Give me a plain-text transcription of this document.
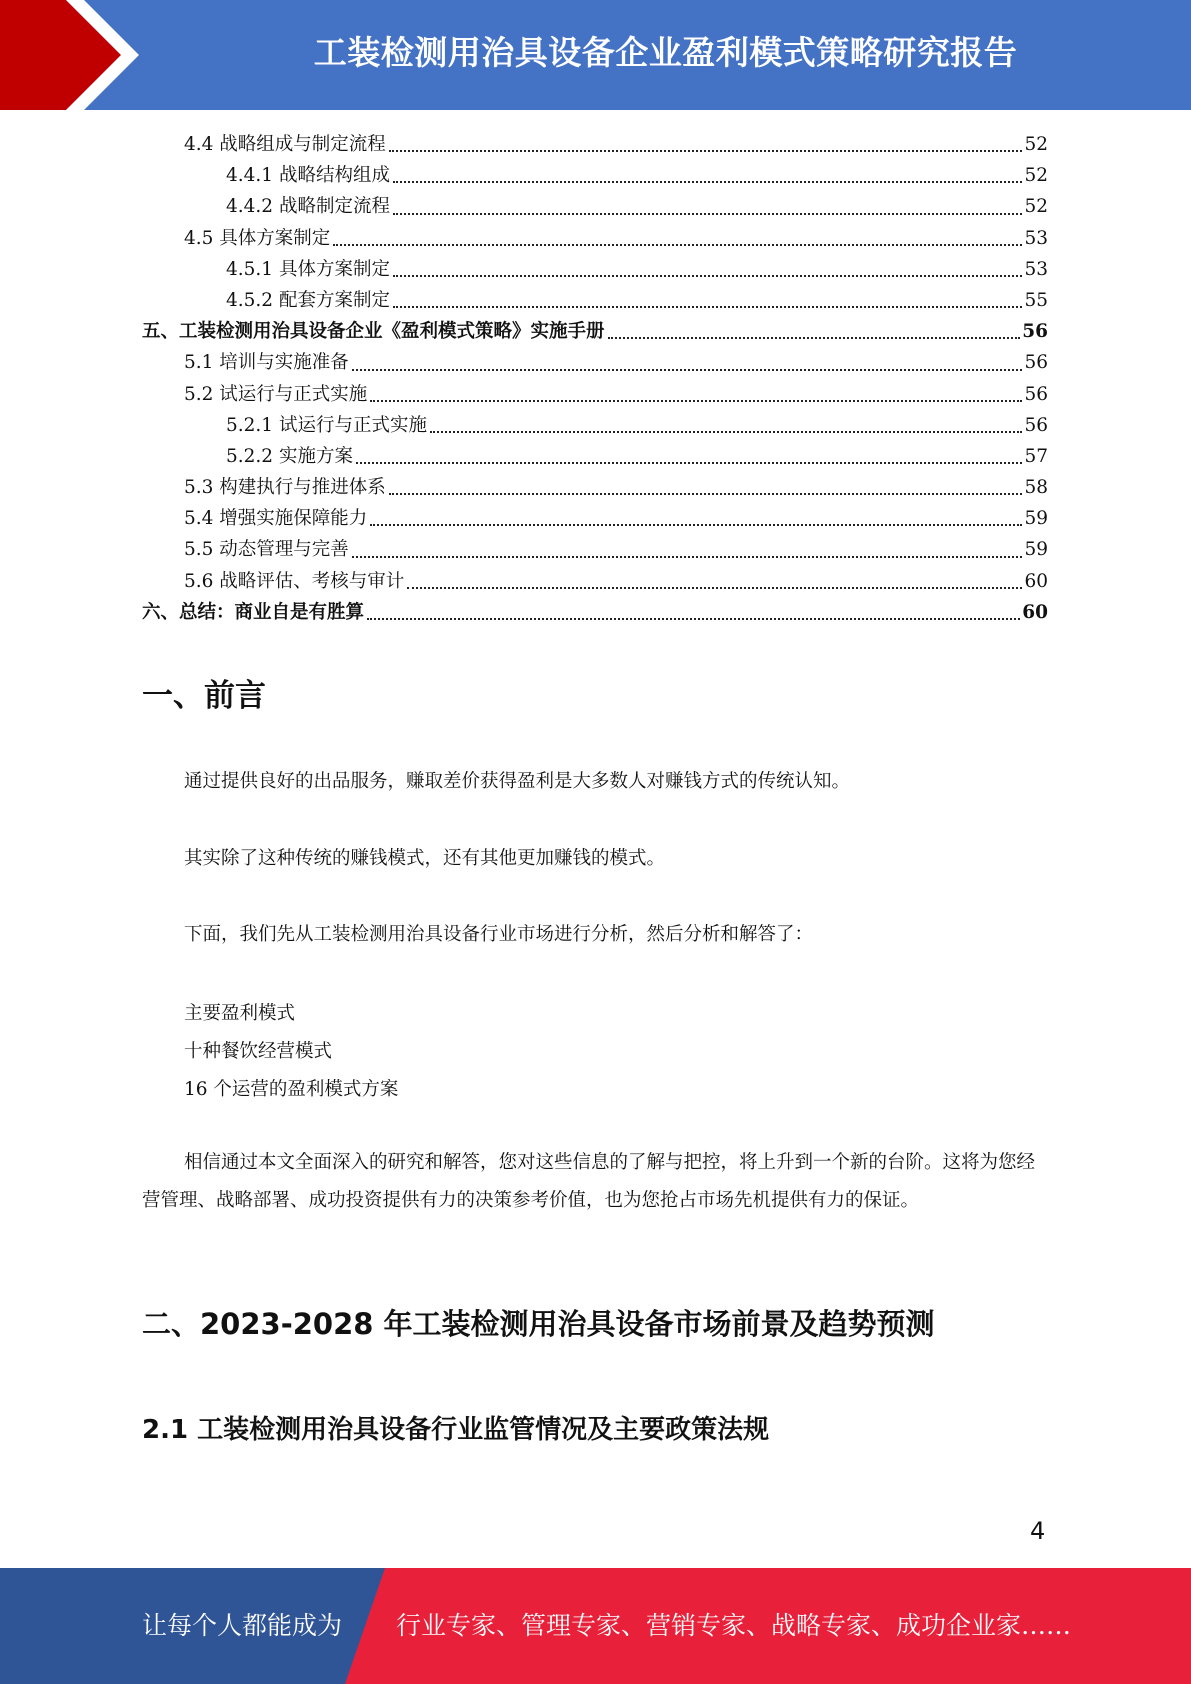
工装检测用治具设备企业盈利模式策略研究报告
4.4 战略组成与制定流程	52
4.4.1 战略结构组成	52
4.4.2 战略制定流程	52
4.5 具体方案制定	53
4.5.1 具体方案制定	53
4.5.2 配套方案制定	55
五、工装检测用治具设备企业《盈利模式策略》实施手册	56
5.1 培训与实施准备	56
5.2 试运行与正式实施	56
5.2.1 试运行与正式实施	56
5.2.2 实施方案	57
5.3 构建执行与推进体系	58
5.4 增强实施保障能力	59
5.5 动态管理与完善	59
5.6 战略评估、考核与审计	60
六、总结：商业自是有胜算	60
一、前言
通过提供良好的出品服务，赚取差价获得盈利是大多数人对赚钱方式的传统认知。
其实除了这种传统的赚钱模式，还有其他更加赚钱的模式。
下面，我们先从工装检测用治具设备行业市场进行分析，然后分析和解答了：
主要盈利模式
十种餐饮经营模式
16 个运营的盈利模式方案
相信通过本文全面深入的研究和解答，您对这些信息的了解与把控，将上升到一个新的台阶。这将为您经营管理、战略部署、成功投资提供有力的决策参考价值，也为您抢占市场先机提供有力的保证。
二、2023-2028 年工装检测用治具设备市场前景及趋势预测
2.1 工装检测用治具设备行业监管情况及主要政策法规
4
让每个人都能成为 行业专家、管理专家、营销专家、战略专家、成功企业家……
